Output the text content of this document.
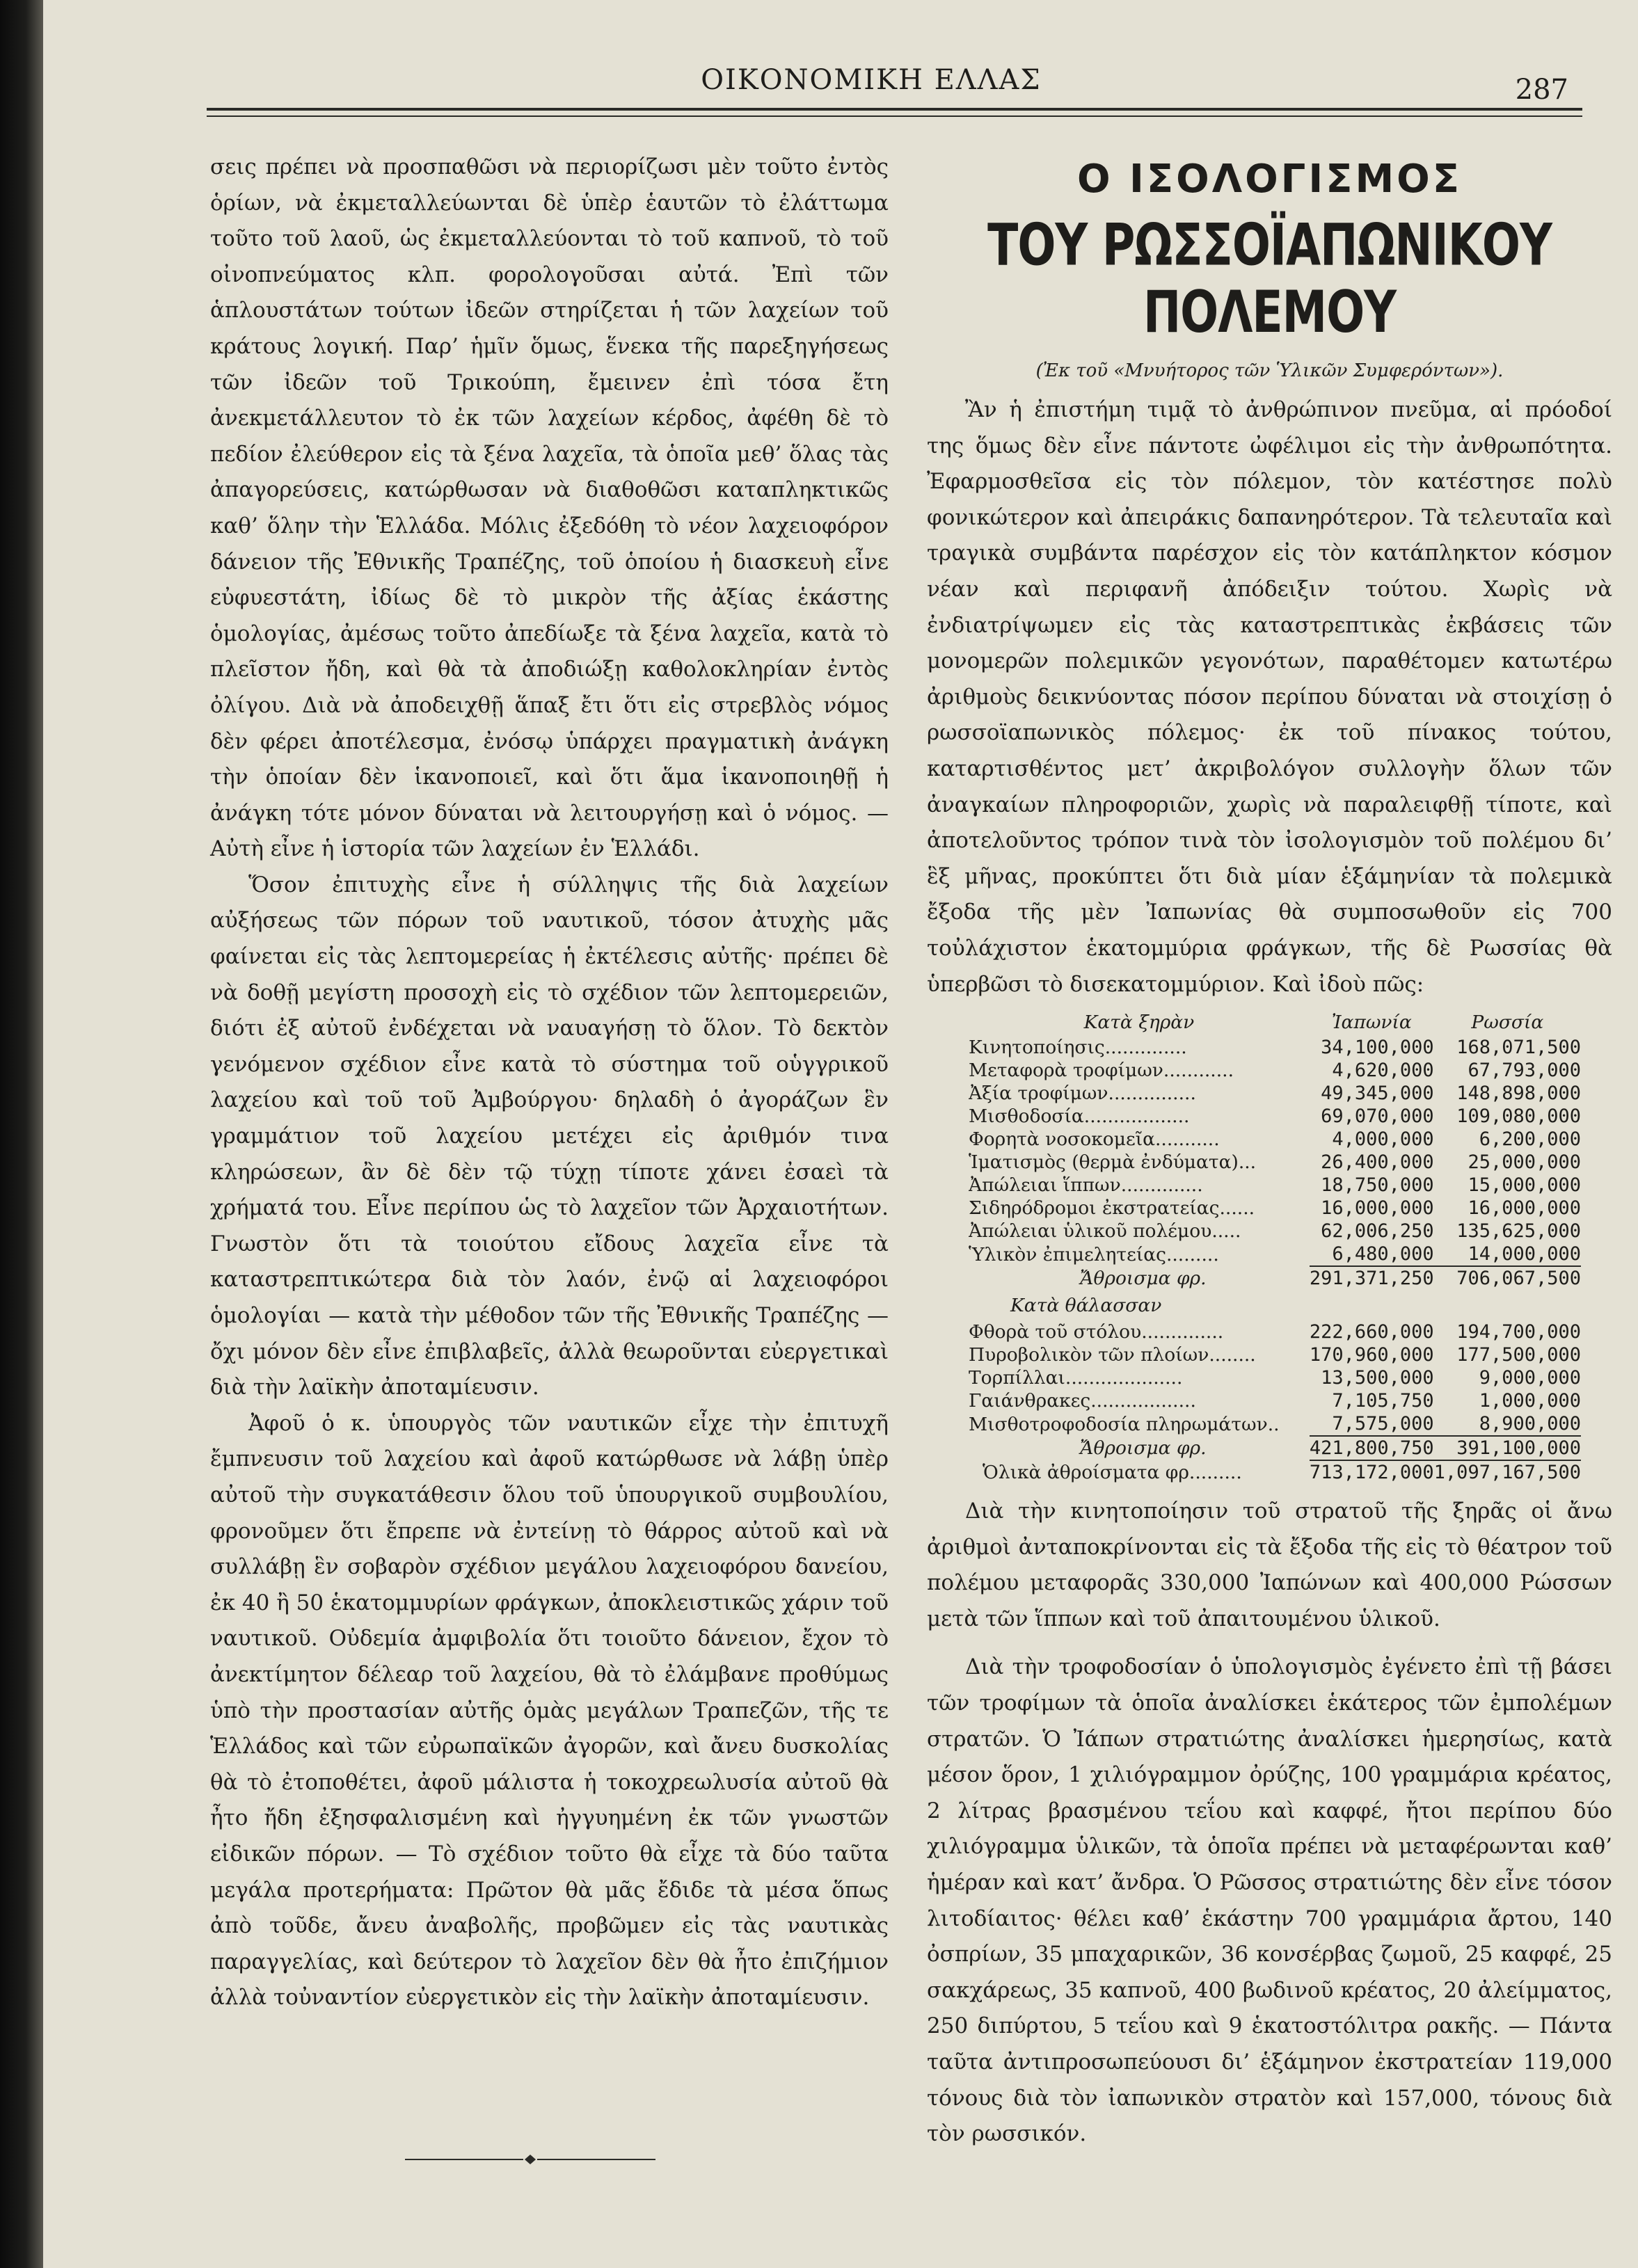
ΟΙΚΟΝΟΜΙΚΗ ΕΛΛΑΣ	287

σεις πρέπει νὰ προσπαθῶσι νὰ περιορίζωσι μὲν τοῦτο ἐντὸς ὁρίων, νὰ ἐκμεταλλεύωνται δὲ ὑπὲρ ἑαυτῶν τὸ ἐλάττωμα τοῦτο τοῦ λαοῦ, ὡς ἐκμεταλλεύονται τὸ τοῦ καπνοῦ, τὸ τοῦ οἰνοπνεύματος κλπ. φορολογοῦσαι αὐτά. Ἐπὶ τῶν ἁπλουστάτων τούτων ἰδεῶν στηρίζεται ἡ τῶν λαχείων τοῦ κράτους λογική. Παρ’ ἡμῖν ὅμως, ἕνεκα τῆς παρεξηγήσεως τῶν ἰδεῶν τοῦ Τρικούπη, ἔμεινεν ἐπὶ τόσα ἔτη ἀνεκμετάλλευτον τὸ ἐκ τῶν λαχείων κέρδος, ἀφέθη δὲ τὸ πεδίον ἐλεύθερον εἰς τὰ ξένα λαχεῖα, τὰ ὁποῖα μεθ’ ὅλας τὰς ἀπαγορεύσεις, κατώρθωσαν νὰ διαθοθῶσι καταπληκτικῶς καθ’ ὅλην τὴν Ἑλλάδα. Μόλις ἐξεδόθη τὸ νέον λαχειοφόρον δάνειον τῆς Ἐθνικῆς Τραπέζης, τοῦ ὁποίου ἡ διασκευὴ εἶνε εὐφυεστάτη, ἰδίως δὲ τὸ μικρὸν τῆς ἀξίας ἑκάστης ὁμολογίας, ἀμέσως τοῦτο ἀπεδίωξε τὰ ξένα λαχεῖα, κατὰ τὸ πλεῖστον ἤδη, καὶ θὰ τὰ ἀποδιώξῃ καθολοκληρίαν ἐντὸς ὀλίγου. Διὰ νὰ ἀποδειχθῇ ἅπαξ ἔτι ὅτι εἰς στρεβλὸς νόμος δὲν φέρει ἀποτέλεσμα, ἐνόσῳ ὑπάρχει πραγματικὴ ἀνάγκη τὴν ὁποίαν δὲν ἱκανοποιεῖ, καὶ ὅτι ἅμα ἱκανοποιηθῇ ἡ ἀνάγκη τότε μόνον δύναται νὰ λειτουργήσῃ καὶ ὁ νόμος. — Αὐτὴ εἶνε ἡ ἱστορία τῶν λαχείων ἐν Ἑλλάδι.

Ὅσον ἐπιτυχὴς εἶνε ἡ σύλληψις τῆς διὰ λαχείων αὐξήσεως τῶν πόρων τοῦ ναυτικοῦ, τόσον ἀτυχὴς μᾶς φαίνεται εἰς τὰς λεπτομερείας ἡ ἐκτέλεσις αὐτῆς· πρέπει δὲ νὰ δοθῇ μεγίστη προσοχὴ εἰς τὸ σχέδιον τῶν λεπτομερειῶν, διότι ἐξ αὐτοῦ ἐνδέχεται νὰ ναυαγήσῃ τὸ ὅλον. Τὸ δεκτὸν γενόμενον σχέδιον εἶνε κατὰ τὸ σύστημα τοῦ οὑγγρικοῦ λαχείου καὶ τοῦ τοῦ Ἀμβούργου· δηλαδὴ ὁ ἀγοράζων ἓν γραμμάτιον τοῦ λαχείου μετέχει εἰς ἀριθμόν τινα κληρώσεων, ἂν δὲ δὲν τῷ τύχῃ τίποτε χάνει ἐσαεὶ τὰ χρήματά του. Εἶνε περίπου ὡς τὸ λαχεῖον τῶν Ἀρχαιοτήτων. Γνωστὸν ὅτι τὰ τοιούτου εἴδους λαχεῖα εἶνε τὰ καταστρεπτικώτερα διὰ τὸν λαόν, ἐνῷ αἱ λαχειοφόροι ὁμολογίαι — κατὰ τὴν μέθοδον τῶν τῆς Ἐθνικῆς Τραπέζης — ὄχι μόνον δὲν εἶνε ἐπιβλαβεῖς, ἀλλὰ θεωροῦνται εὐεργετικαὶ διὰ τὴν λαϊκὴν ἀποταμίευσιν.

Ἀφοῦ ὁ κ. ὑπουργὸς τῶν ναυτικῶν εἶχε τὴν ἐπιτυχῆ ἔμπνευσιν τοῦ λαχείου καὶ ἀφοῦ κατώρθωσε νὰ λάβῃ ὑπὲρ αὐτοῦ τὴν συγκατάθεσιν ὅλου τοῦ ὑπουργικοῦ συμβουλίου, φρονοῦμεν ὅτι ἔπρεπε νὰ ἐντείνῃ τὸ θάρρος αὐτοῦ καὶ νὰ συλλάβῃ ἓν σοβαρὸν σχέδιον μεγάλου λαχειοφόρου δανείου, ἐκ 40 ἢ 50 ἑκατομμυρίων φράγκων, ἀποκλειστικῶς χάριν τοῦ ναυτικοῦ. Οὐδεμία ἀμφιβολία ὅτι τοιοῦτο δάνειον, ἔχον τὸ ἀνεκτίμητον δέλεαρ τοῦ λαχείου, θὰ τὸ ἐλάμβανε προθύμως ὑπὸ τὴν προστασίαν αὐτῆς ὁμὰς μεγάλων Τραπεζῶν, τῆς τε Ἑλλάδος καὶ τῶν εὐρωπαϊκῶν ἀγορῶν, καὶ ἄνευ δυσκολίας θὰ τὸ ἐτοποθέτει, ἀφοῦ μάλιστα ἡ τοκοχρεωλυσία αὐτοῦ θὰ ἦτο ἤδη ἐξησφαλισμένη καὶ ἠγγυημένη ἐκ τῶν γνωστῶν εἰδικῶν πόρων. — Τὸ σχέδιον τοῦτο θὰ εἶχε τὰ δύο ταῦτα μεγάλα προτερήματα: Πρῶτον θὰ μᾶς ἔδιδε τὰ μέσα ὅπως ἀπὸ τοῦδε, ἄνευ ἀναβολῆς, προβῶμεν εἰς τὰς ναυτικὰς παραγγελίας, καὶ δεύτερον τὸ λαχεῖον δὲν θὰ ἦτο ἐπιζήμιον ἀλλὰ τοὐναντίον εὐεργετικὸν εἰς τὴν λαϊκὴν ἀποταμίευσιν.

Ο ΙΣΟΛΟΓΙΣΜΟΣ
ΤΟΥ ΡΩΣΣΟΪΑΠΩΝΙΚΟΥ ΠΟΛΕΜΟΥ
(Ἐκ τοῦ «Μνυήτορος τῶν Ὑλικῶν Συμφερόντων»).

Ἂν ἡ ἐπιστήμη τιμᾷ τὸ ἀνθρώπινον πνεῦμα, αἱ πρόοδοί της ὅμως δὲν εἶνε πάντοτε ὠφέλιμοι εἰς τὴν ἀνθρωπότητα. Ἐφαρμοσθεῖσα εἰς τὸν πόλεμον, τὸν κατέστησε πολὺ φονικώτερον καὶ ἀπειράκις δαπανηρότερον. Τὰ τελευταῖα καὶ τραγικὰ συμβάντα παρέσχον εἰς τὸν κατάπληκτον κόσμον νέαν καὶ περιφανῆ ἀπόδειξιν τούτου. Χωρὶς νὰ ἐνδιατρίψωμεν εἰς τὰς καταστρεπτικὰς ἐκβάσεις τῶν μονομερῶν πολεμικῶν γεγονότων, παραθέτομεν κατωτέρω ἀριθμοὺς δεικνύοντας πόσον περίπου δύναται νὰ στοιχίσῃ ὁ ρωσσοϊαπωνικὸς πόλεμος· ἐκ τοῦ πίνακος τούτου, καταρτισθέντος μετ’ ἀκριβολόγον συλλογὴν ὅλων τῶν ἀναγκαίων πληροφοριῶν, χωρὶς νὰ παραλειφθῇ τίποτε, καὶ ἀποτελοῦντος τρόπον τινὰ τὸν ἰσολογισμὸν τοῦ πολέμου δι’ ἓξ μῆνας, προκύπτει ὅτι διὰ μίαν ἑξάμηνίαν τὰ πολεμικὰ ἔξοδα τῆς μὲν Ἰαπωνίας θὰ συμποσωθοῦν εἰς 700 τοὐλάχιστον ἑκατομμύρια φράγκων, τῆς δὲ Ρωσσίας θὰ ὑπερβῶσι τὸ δισεκατομμύριον. Καὶ ἰδοὺ πῶς:

Κατὰ ξηρὰν	Ἰαπωνία	Ρωσσία
Κινητοποίησις..............	34,100,000	168,071,500
Μεταφορὰ τροφίμων............	4,620,000	67,793,000
Ἀξία τροφίμων...............	49,345,000	148,898,000
Μισθοδοσία..................	69,070,000	109,080,000
Φορητὰ νοσοκομεῖα...........	4,000,000	6,200,000
Ἱματισμὸς (θερμὰ ἐνδύματα)...	26,400,000	25,000,000
Ἀπώλειαι ἵππων..............	18,750,000	15,000,000
Σιδηρόδρομοι ἐκστρατείας......	16,000,000	16,000,000
Ἀπώλειαι ὑλικοῦ πολέμου.....	62,006,250	135,625,000
Ὑλικὸν ἐπιμελητείας.........	6,480,000	14,000,000
Ἄθροισμα φρ.	291,371,250	706,067,500
Κατὰ θάλασσαν		
Φθορὰ τοῦ στόλου..............	222,660,000	194,700,000
Πυροβολικὸν τῶν πλοίων........	170,960,000	177,500,000
Τορπίλλαι....................	13,500,000	9,000,000
Γαιάνθρακες..................	7,105,750	1,000,000
Μισθοτροφοδοσία πληρωμάτων..	7,575,000	8,900,000
Ἄθροισμα φρ.	421,800,750	391,100,000
Ὁλικὰ ἀθροίσματα φρ.........	713,172,000	1,097,167,500

Διὰ τὴν κινητοποίησιν τοῦ στρατοῦ τῆς ξηρᾶς οἱ ἄνω ἀριθμοὶ ἀνταποκρίνονται εἰς τὰ ἔξοδα τῆς εἰς τὸ θέατρον τοῦ πολέμου μεταφορᾶς 330,000 Ἰαπώνων καὶ 400,000 Ρώσσων μετὰ τῶν ἵππων καὶ τοῦ ἀπαιτουμένου ὑλικοῦ.

Διὰ τὴν τροφοδοσίαν ὁ ὑπολογισμὸς ἐγένετο ἐπὶ τῇ βάσει τῶν τροφίμων τὰ ὁποῖα ἀναλίσκει ἑκάτερος τῶν ἐμπολέμων στρατῶν. Ὁ Ἰάπων στρατιώτης ἀναλίσκει ἡμερησίως, κατὰ μέσον ὅρον, 1 χιλιόγραμμον ὀρύζης, 100 γραμμάρια κρέατος, 2 λίτρας βρασμένου τεΐου καὶ καφφέ, ἤτοι περίπου δύο χιλιόγραμμα ὑλικῶν, τὰ ὁποῖα πρέπει νὰ μεταφέρωνται καθ’ ἡμέραν καὶ κατ’ ἄνδρα. Ὁ Ρῶσσος στρατιώτης δὲν εἶνε τόσον λιτοδίαιτος· θέλει καθ’ ἑκάστην 700 γραμμάρια ἄρτου, 140 ὀσπρίων, 35 μπαχαρικῶν, 36 κονσέρβας ζωμοῦ, 25 καφφέ, 25 σακχάρεως, 35 καπνοῦ, 400 βωδινοῦ κρέατος, 20 ἀλείμματος, 250 διπύρτου, 5 τεΐου καὶ 9 ἑκατοστόλιτρα ρακῆς. — Πάντα ταῦτα ἀντιπροσωπεύουσι δι’ ἑξάμηνον ἐκστρατείαν 119,000 τόνους διὰ τὸν ἰαπωνικὸν στρατὸν καὶ 157,000, τόνους διὰ τὸν ρωσσικόν.
